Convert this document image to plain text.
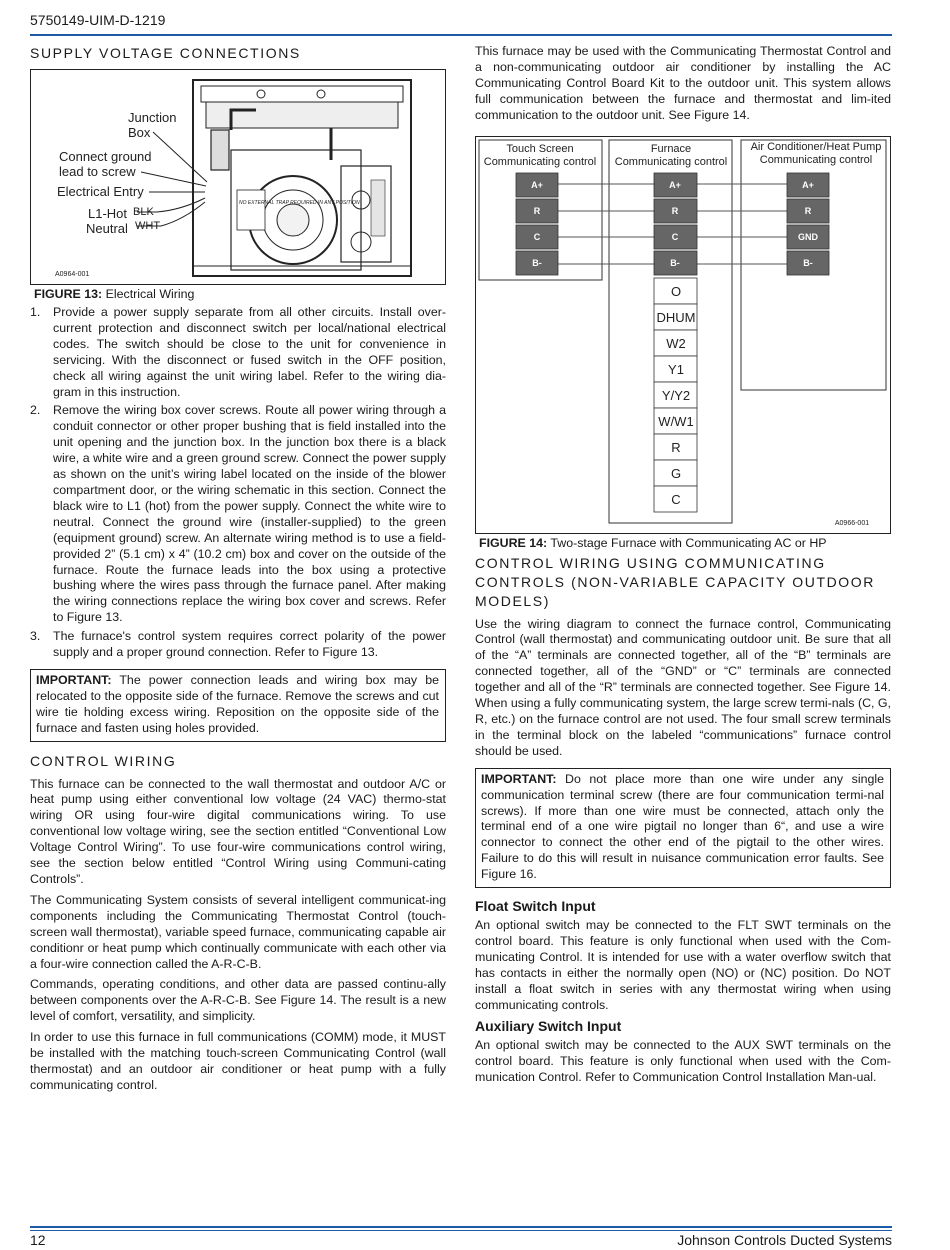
5750149-UIM-D-1219
SUPPLY VOLTAGE CONNECTIONS
NO EXTERNAL TRAP REQUIRED IN ANY POSITION
Junction
Box
Connect ground
lead to screw
Electrical Entry
L1-Hot
Neutral
BLK
WHT
A0964-001
FIGURE 13: Electrical Wiring
1. Provide a power supply separate from all other circuits. Install over-current protection and disconnect switch per local/national electrical codes. The switch should be close to the unit for convenience in servicing. With the disconnect or fused switch in the OFF position, check all wiring against the unit wiring label. Refer to the wiring dia-gram in this instruction.
2. Remove the wiring box cover screws. Route all power wiring through a conduit connector or other proper bushing that is field installed into the unit opening and the junction box. In the junction box there is a black wire, a white wire and a green ground screw. Connect the power supply as shown on the unit’s wiring label located on the inside of the blower compartment door, or the wiring schematic in this section. Connect the black wire to L1 (hot) from the power supply. Connect the white wire to neutral. Connect the ground wire (installer-supplied) to the green (equipment ground) screw. An alternate wiring method is to use a field-provided 2” (5.1 cm) x 4” (10.2 cm) box and cover on the outside of the furnace. Route the furnace leads into the box using a protective bushing where the wires pass through the furnace panel. After making the wiring connections replace the wiring box cover and screws. Refer to Figure 13.
3. The furnace's control system requires correct polarity of the power supply and a proper ground connection. Refer to Figure 13.

IMPORTANT: The power connection leads and wiring box may be relocated to the opposite side of the furnace. Remove the screws and cut wire tie holding excess wiring. Reposition on the opposite side of the furnace and fasten using holes provided.

CONTROL WIRING

This furnace can be connected to the wall thermostat and outdoor A/C or heat pump using either conventional low voltage (24 VAC) thermo-stat wiring OR using four-wire digital communications wiring. To use conventional low voltage wiring, see the section entitled “Conventional Low Voltage Control Wiring”. To use four-wire communications control wiring, see the section below entitled “Control Wiring using Communi-cating Controls”.

The Communicating System consists of several intelligent communicat-ing components including the Communicating Thermostat Control (touch-screen wall thermostat), variable speed furnace, communicating capable air conditionr or heat pump which continually communicate with each other via a four-wire connection called the A-R-C-B.

Commands, operating conditions, and other data are passed continu-ally between components over the A-R-C-B. See Figure 14. The result is a new level of comfort, versatility, and simplicity.

In order to use this furnace in full communications (COMM) mode, it MUST be installed with the matching touch-screen Communicating Control (wall thermostat) and an outdoor air conditioner or heat pump with a fully communicating control.

This furnace may be used with the Communicating Thermostat Control and a non-communicating outdoor air conditioner by installing the AC Communicating Control Board Kit to the outdoor unit. This system allows full communication between the furnace and thermostat and lim-ited communication to the outdoor unit. See Figure 14.

Touch Screen
Communicating control
Furnace
Communicating control
Air Conditioner/Heat Pump
Communicating control
A+
R
C
B-
A+
R
C
B-
A+
R
GND
B-
O
DHUM
W2
Y1
Y/Y2
W/W1
R
G
C
A0966-001
FIGURE 14: Two-stage Furnace with Communicating AC or HP
CONTROL WIRING USING COMMUNICATING CONTROLS (NON-VARIABLE CAPACITY OUTDOOR MODELS)

Use the wiring diagram to connect the furnace control, Communicating Control (wall thermostat) and communicating outdoor unit. Be sure that all of the “A” terminals are connected together, all of the “B” terminals are connected together, all of the “GND” or “C” terminals are connected together and all of the “R” terminals are connected together. See Figure 14. When using a fully communicating system, the large screw termi-nals (C, G, R, etc.) on the furnace control are not used. The four small screw terminals in the terminal block on the labeled “communications” furnace control should be used.

IMPORTANT: Do not place more than one wire under any single communication terminal screw (there are four communication termi-nal screws). If more than one wire must be connected, attach only the terminal end of a one wire pigtail no longer than 6“, and use a wire connector to connect the other end of the pigtail to the other wires. Failure to do this will result in nuisance communication error faults. See Figure 16.

Float Switch Input

An optional switch may be connected to the FLT SWT terminals on the control board. This feature is only functional when used with the Com-municating Control. It is intended for use with a water overflow switch that has contacts in either the normally open (NO) or (NC) position. Do NOT install a float switch in series with any thermostat wiring when using communicating controls.

Auxiliary Switch Input

An optional switch may be connected to the AUX SWT terminals on the control board. This feature is only functional when used with the Com-munication Control. Refer to Communication Control Installation Man-ual.

12	Johnson Controls Ducted Systems
